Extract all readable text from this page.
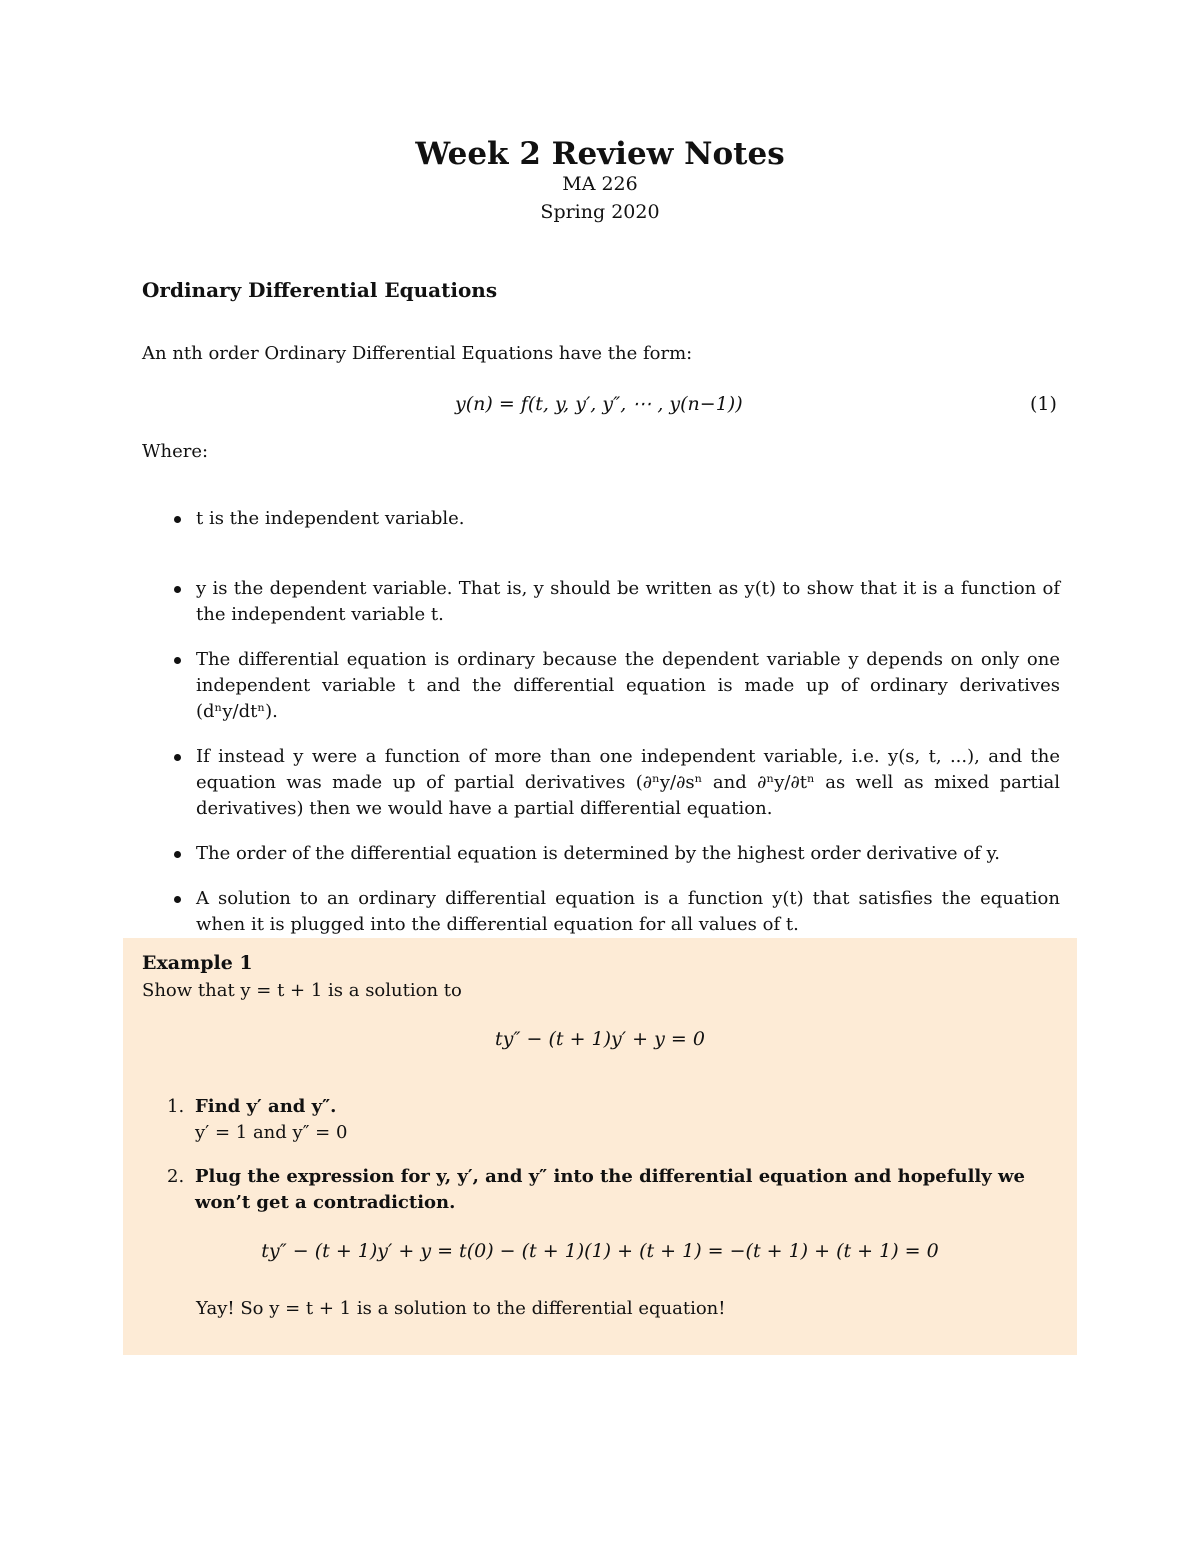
Week 2 Review Notes
MA 226
Spring 2020
Ordinary Differential Equations
An nth order Ordinary Differential Equations have the form:
y(n) = f(t, y, y′, y″, ⋯ , y(n−1))	(1)
Where:
t is the independent variable.
y is the dependent variable. That is, y should be written as y(t) to show that it is a function of the independent variable t.
The differential equation is ordinary because the dependent variable y depends on only one independent variable t and the differential equation is made up of ordinary derivatives (dⁿy/dtⁿ).
If instead y were a function of more than one independent variable, i.e. y(s, t, ...), and the equation was made up of partial derivatives (∂ⁿy/∂sⁿ and ∂ⁿy/∂tⁿ as well as mixed partial derivatives) then we would have a partial differential equation.
The order of the differential equation is determined by the highest order derivative of y.
A solution to an ordinary differential equation is a function y(t) that satisfies the equation when it is plugged into the differential equation for all values of t.
Example 1
Show that y = t + 1 is a solution to
ty″ − (t + 1)y′ + y = 0
1. Find y′ and y″.
y′ = 1 and y″ = 0
2. Plug the expression for y, y′, and y″ into the differential equation and hopefully we won’t get a contradiction.
ty″ − (t + 1)y′ + y = t(0) − (t + 1)(1) + (t + 1) = −(t + 1) + (t + 1) = 0
Yay! So y = t + 1 is a solution to the differential equation!
